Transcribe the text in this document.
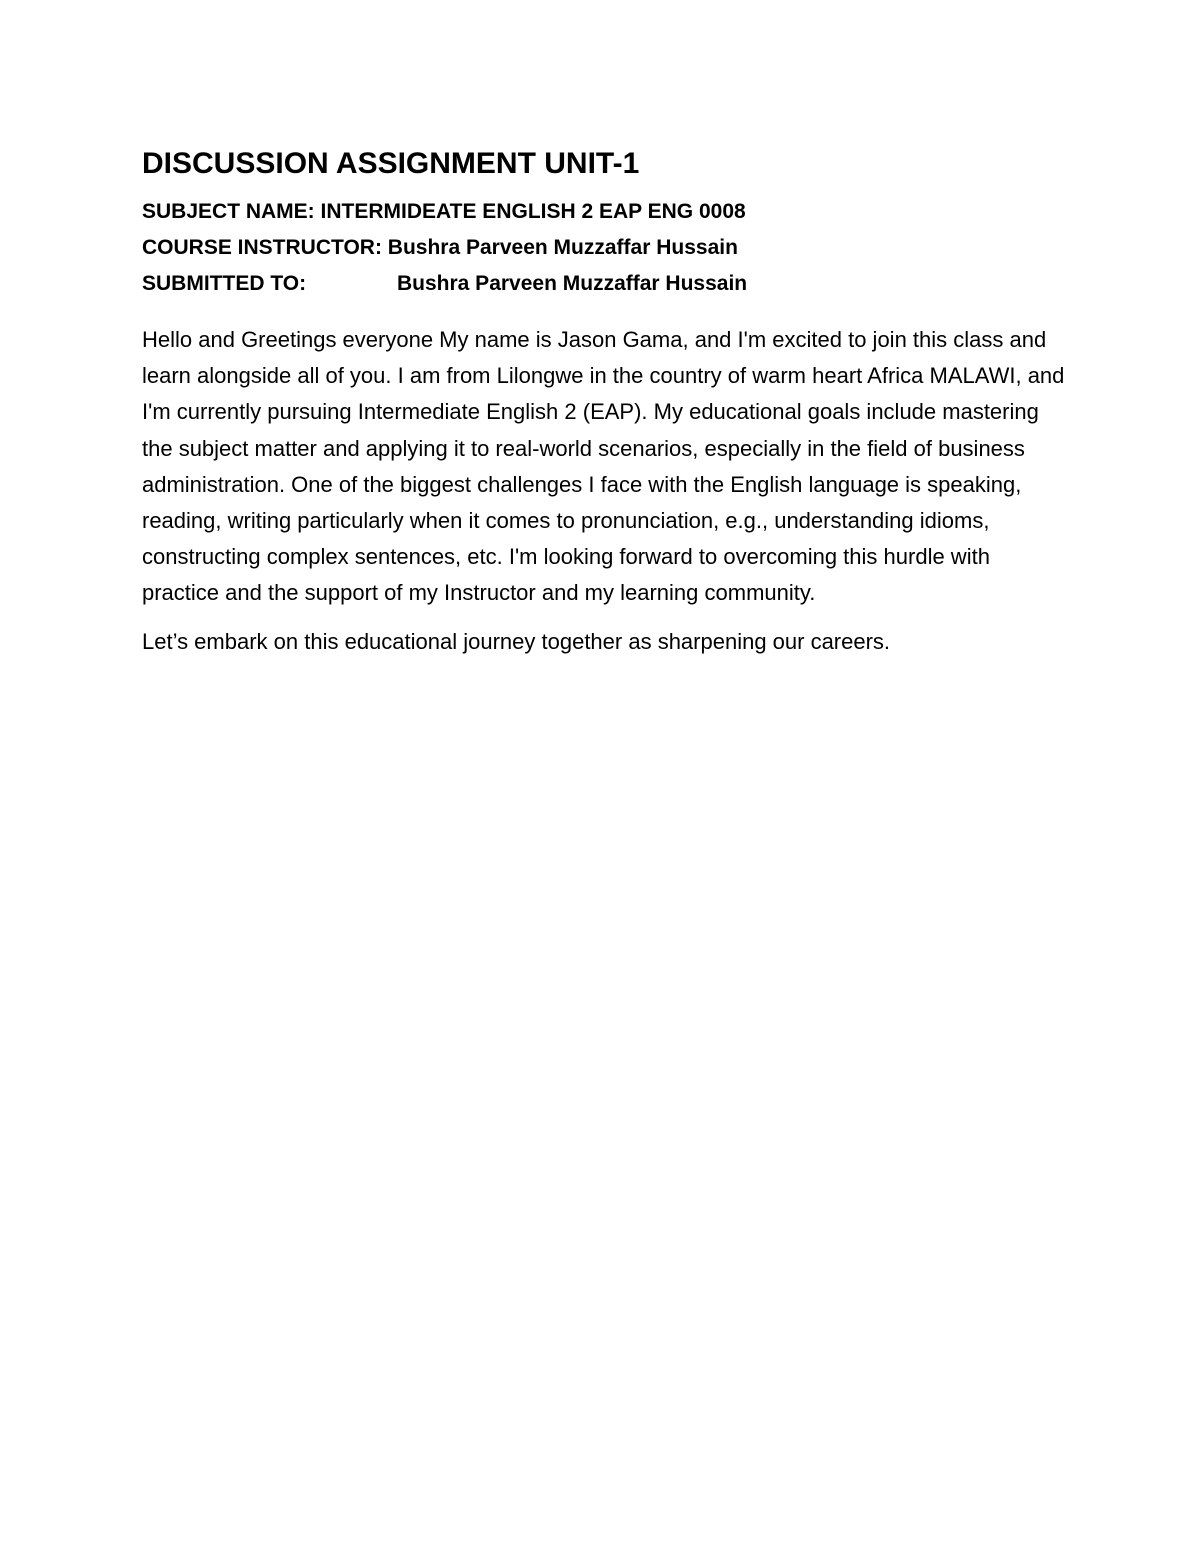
DISCUSSION ASSIGNMENT UNIT-1

SUBJECT NAME: INTERMIDEATE ENGLISH 2 EAP ENG 0008

COURSE INSTRUCTOR: Bushra Parveen Muzzaffar Hussain

SUBMITTED TO:	Bushra Parveen Muzzaffar Hussain

Hello and Greetings everyone My name is Jason Gama, and I'm excited to join this class and learn alongside all of you. I am from Lilongwe in the country of warm heart Africa MALAWI, and I'm currently pursuing Intermediate English 2 (EAP). My educational goals include mastering the subject matter and applying it to real-world scenarios, especially in the field of business administration. One of the biggest challenges I face with the English language is speaking, reading, writing particularly when it comes to pronunciation, e.g., understanding idioms, constructing complex sentences, etc. I'm looking forward to overcoming this hurdle with practice and the support of my Instructor and my learning community.

Let’s embark on this educational journey together as sharpening our careers.
